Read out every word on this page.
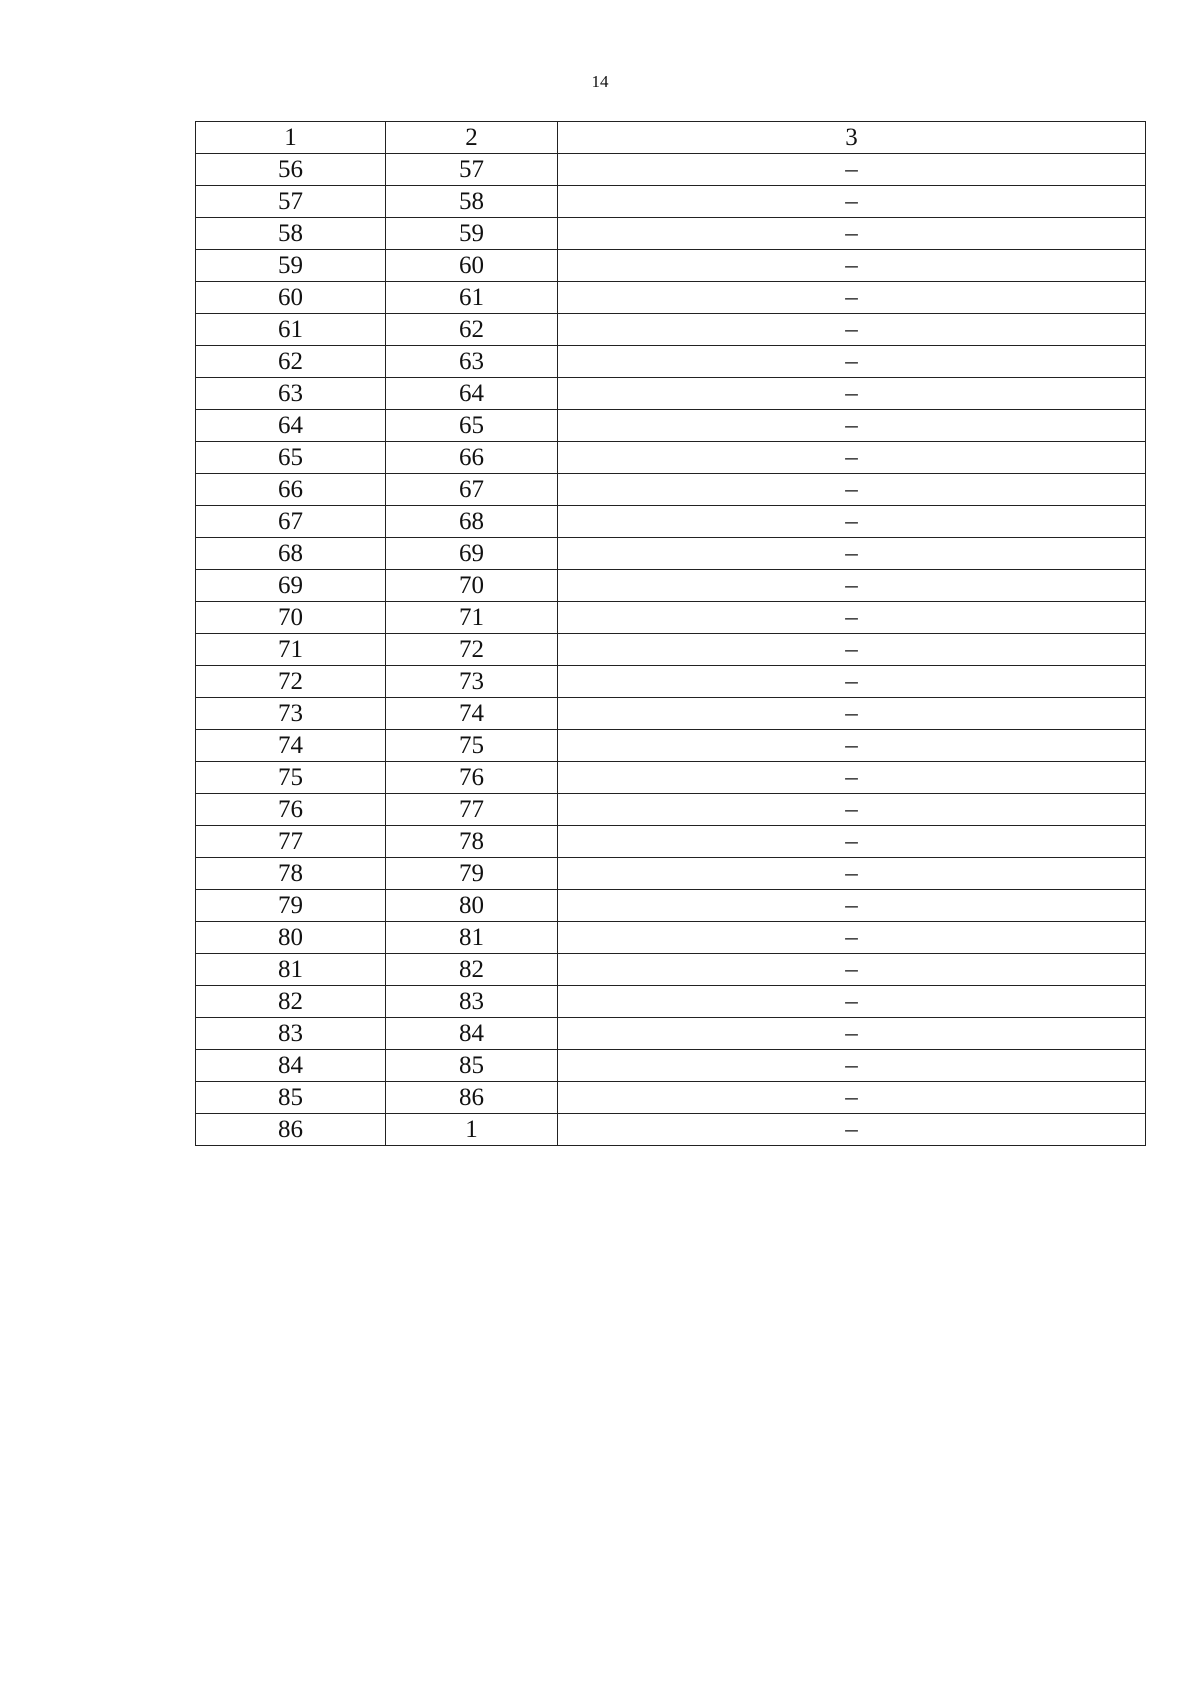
14
1	2	3
56	57	–
57	58	–
58	59	–
59	60	–
60	61	–
61	62	–
62	63	–
63	64	–
64	65	–
65	66	–
66	67	–
67	68	–
68	69	–
69	70	–
70	71	–
71	72	–
72	73	–
73	74	–
74	75	–
75	76	–
76	77	–
77	78	–
78	79	–
79	80	–
80	81	–
81	82	–
82	83	–
83	84	–
84	85	–
85	86	–
86	1	–
